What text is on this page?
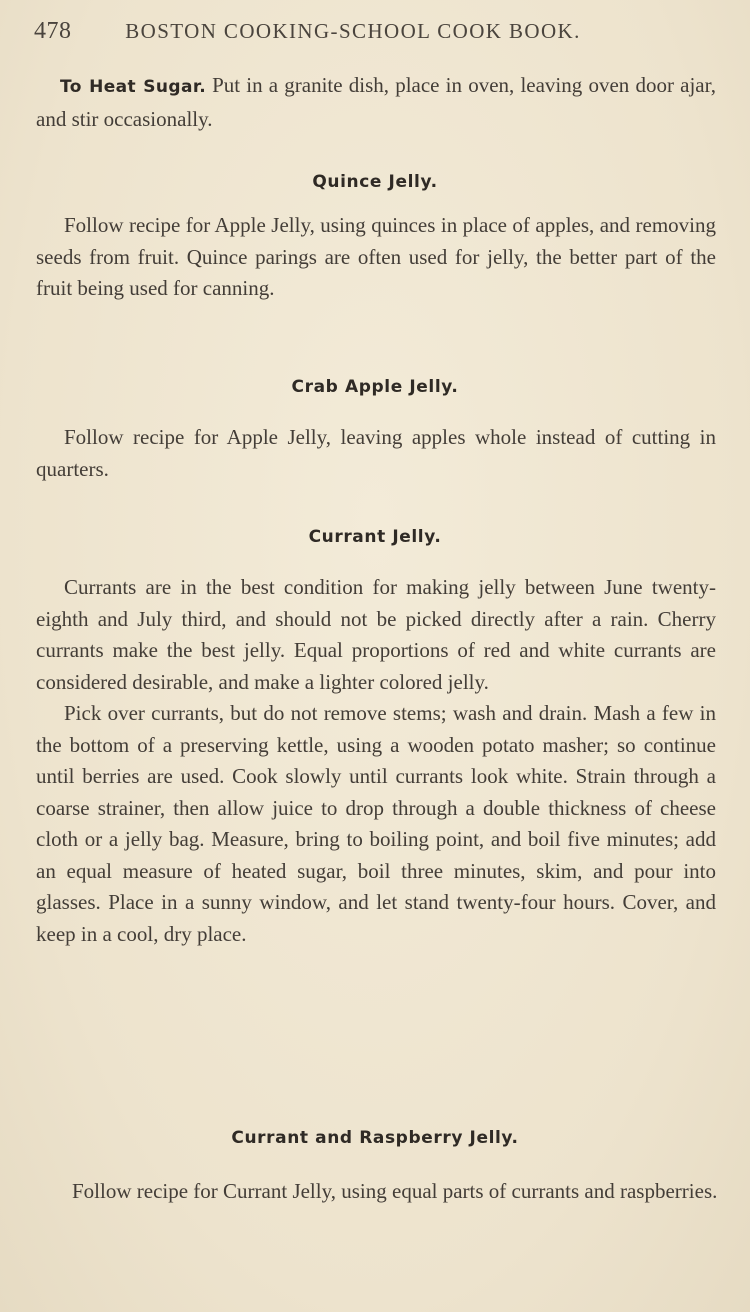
478	BOSTON COOKING-SCHOOL COOK BOOK.

To Heat Sugar. Put in a granite dish, place in oven, leaving oven door ajar, and stir occasionally.

Quince Jelly.

Follow recipe for Apple Jelly, using quinces in place of apples, and removing seeds from fruit. Quince parings are often used for jelly, the better part of the fruit being used for canning.

Crab Apple Jelly.

Follow recipe for Apple Jelly, leaving apples whole instead of cutting in quarters.

Currant Jelly.

Currants are in the best condition for making jelly between June twenty-eighth and July third, and should not be picked directly after a rain. Cherry currants make the best jelly. Equal proportions of red and white currants are considered desirable, and make a lighter colored jelly.

Pick over currants, but do not remove stems; wash and drain. Mash a few in the bottom of a preserving kettle, using a wooden potato masher; so continue until berries are used. Cook slowly until currants look white. Strain through a coarse strainer, then allow juice to drop through a double thickness of cheese cloth or a jelly bag. Measure, bring to boiling point, and boil five minutes; add an equal measure of heated sugar, boil three minutes, skim, and pour into glasses. Place in a sunny window, and let stand twenty-four hours. Cover, and keep in a cool, dry place.

Currant and Raspberry Jelly.

Follow recipe for Currant Jelly, using equal parts of currants and raspberries.
